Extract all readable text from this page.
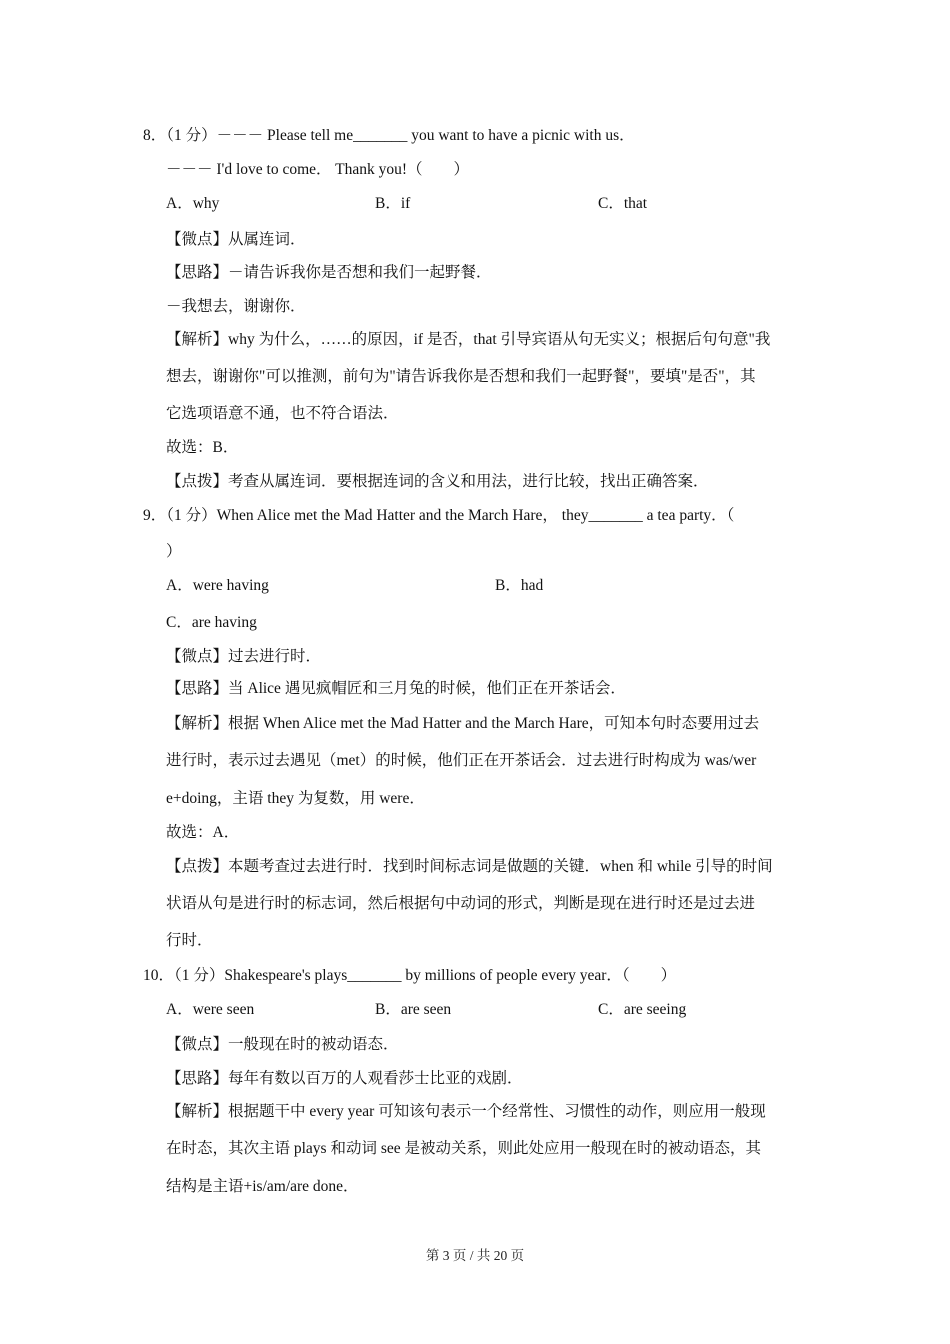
8．（1 分）－－－ Please tell me_______ you want to have a picnic with us．
－－－ I'd love to come． Thank you!（　　）
A．why	B．if	C．that
【微点】从属连词．
【思路】－请告诉我你是否想和我们一起野餐．
－我想去，谢谢你．
【解析】why 为什么，……的原因，if 是否，that 引导宾语从句无实义；根据后句句意"我
想去，谢谢你"可以推测，前句为"请告诉我你是否想和我们一起野餐"，要填"是否"，其
它选项语意不通，也不符合语法．
故选：B．
【点拨】考查从属连词．要根据连词的含义和用法，进行比较，找出正确答案．
9．（1 分）When Alice met the Mad Hatter and the March Hare， they_______ a tea party．（
）
A．were having	B．had
C．are having
【微点】过去进行时．
【思路】当 Alice 遇见疯帽匠和三月兔的时候，他们正在开茶话会．
【解析】根据 When Alice met the Mad Hatter and the March Hare，可知本句时态要用过去
进行时，表示过去遇见（met）的时候，他们正在开茶话会．过去进行时构成为 was/wer
e+doing，主语 they 为复数，用 were．
故选：A．
【点拨】本题考查过去进行时．找到时间标志词是做题的关键．when 和 while 引导的时间
状语从句是进行时的标志词，然后根据句中动词的形式，判断是现在进行时还是过去进
行时．
10．（1 分）Shakespeare's plays_______ by millions of people every year．（　　）
A．were seen	B．are seen	C．are seeing
【微点】一般现在时的被动语态．
【思路】每年有数以百万的人观看莎士比亚的戏剧．
【解析】根据题干中 every year 可知该句表示一个经常性、习惯性的动作，则应用一般现
在时态，其次主语 plays 和动词 see 是被动关系，则此处应用一般现在时的被动语态，其
结构是主语+is/am/are done．
第 3 页 / 共 20 页
